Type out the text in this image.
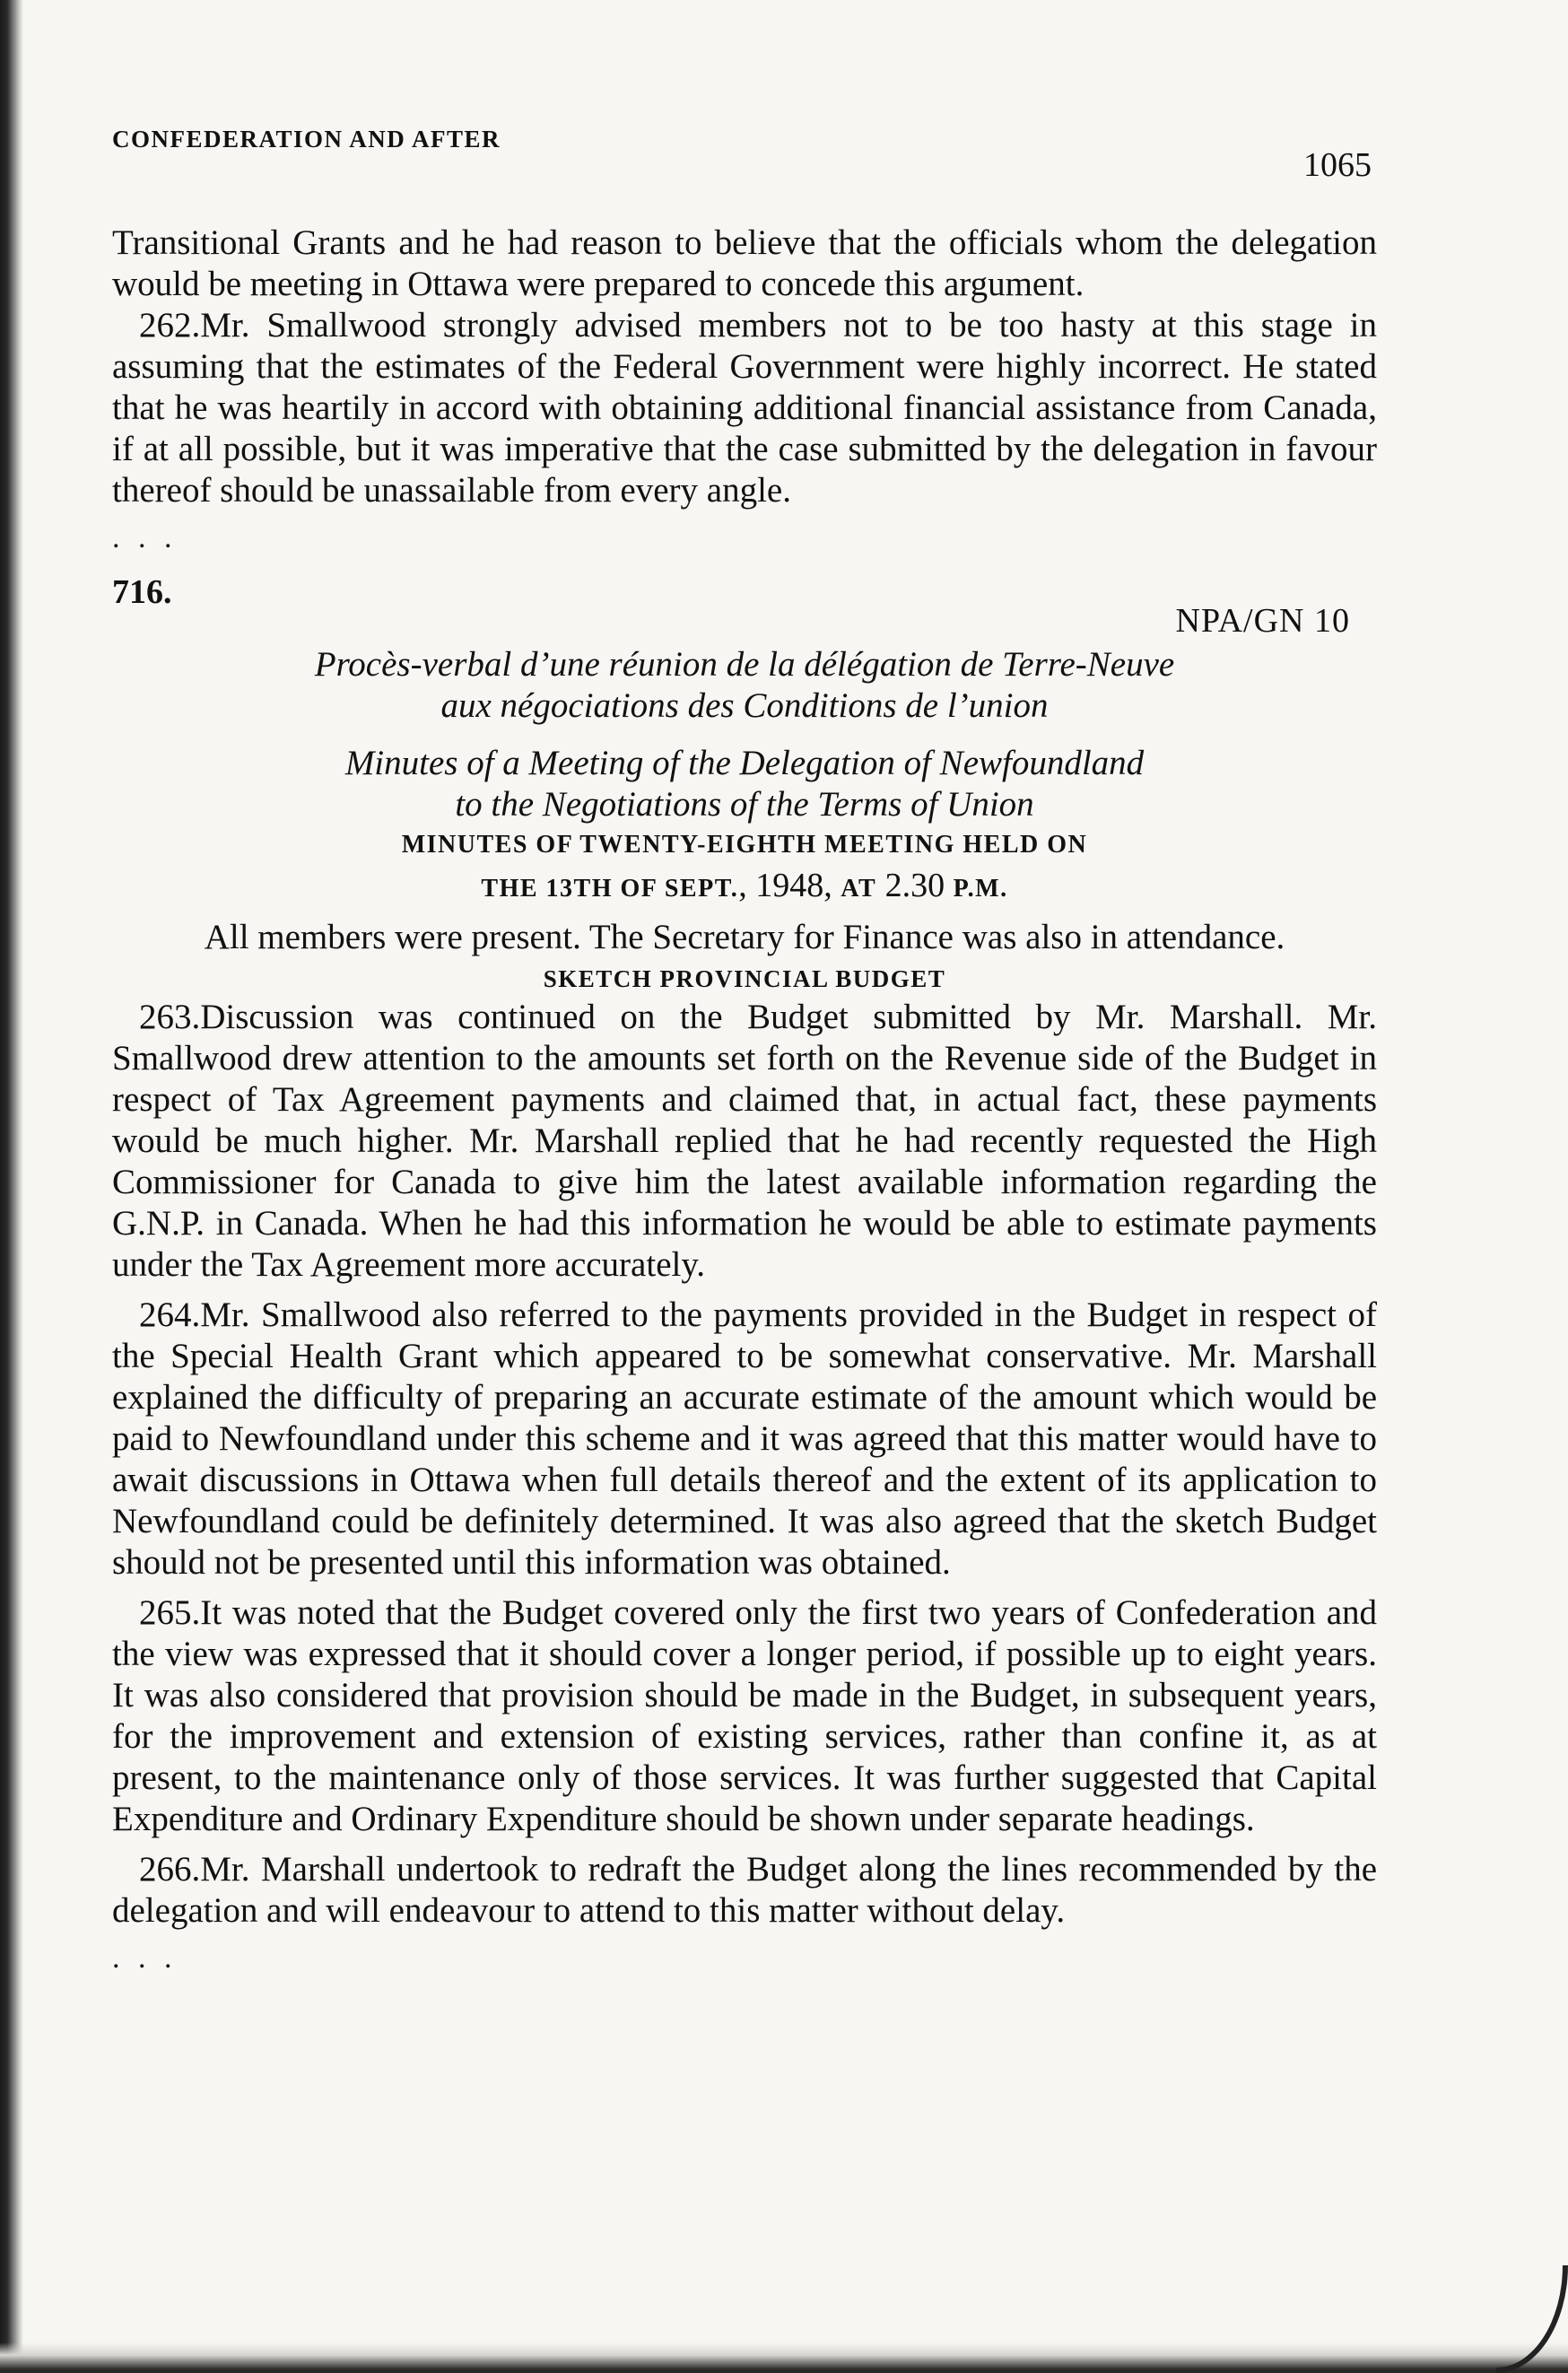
CONFEDERATION AND AFTER
1065

Transitional Grants and he had reason to believe that the officials whom the delegation would be meeting in Ottawa were prepared to concede this argument.

262.Mr. Smallwood strongly advised members not to be too hasty at this stage in assuming that the estimates of the Federal Government were highly incorrect. He stated that he was heartily in accord with obtaining additional financial assistance from Canada, if at all possible, but it was imperative that the case submitted by the delegation in favour thereof should be unassailable from every angle.

. . .
716.
NPA/GN 10
Procès-verbal d’une réunion de la délégation de Terre-Neuve
aux négociations des Conditions de l’union
Minutes of a Meeting of the Delegation of Newfoundland
to the Negotiations of the Terms of Union
MINUTES OF TWENTY-EIGHTH MEETING HELD ON
THE 13TH OF SEPT., 1948, AT 2.30 P.M.
All members were present. The Secretary for Finance was also in attendance.
SKETCH PROVINCIAL BUDGET

263.Discussion was continued on the Budget submitted by Mr. Marshall. Mr. Smallwood drew attention to the amounts set forth on the Revenue side of the Budget in respect of Tax Agreement payments and claimed that, in actual fact, these payments would be much higher. Mr. Marshall replied that he had recently requested the High Commissioner for Canada to give him the latest available information regarding the G.N.P. in Canada. When he had this information he would be able to estimate payments under the Tax Agreement more accurately.

264.Mr. Smallwood also referred to the payments provided in the Budget in respect of the Special Health Grant which appeared to be somewhat conservative. Mr. Marshall explained the difficulty of preparing an accurate estimate of the amount which would be paid to Newfoundland under this scheme and it was agreed that this matter would have to await discussions in Ottawa when full details thereof and the extent of its application to Newfoundland could be definitely determined. It was also agreed that the sketch Budget should not be presented until this information was obtained.

265.It was noted that the Budget covered only the first two years of Confederation and the view was expressed that it should cover a longer period, if possible up to eight years. It was also considered that provision should be made in the Budget, in subsequent years, for the improvement and extension of existing services, rather than confine it, as at present, to the maintenance only of those services. It was further suggested that Capital Expenditure and Ordinary Expenditure should be shown under separate headings.

266.Mr. Marshall undertook to redraft the Budget along the lines recommended by the delegation and will endeavour to attend to this matter without delay.

. . .
